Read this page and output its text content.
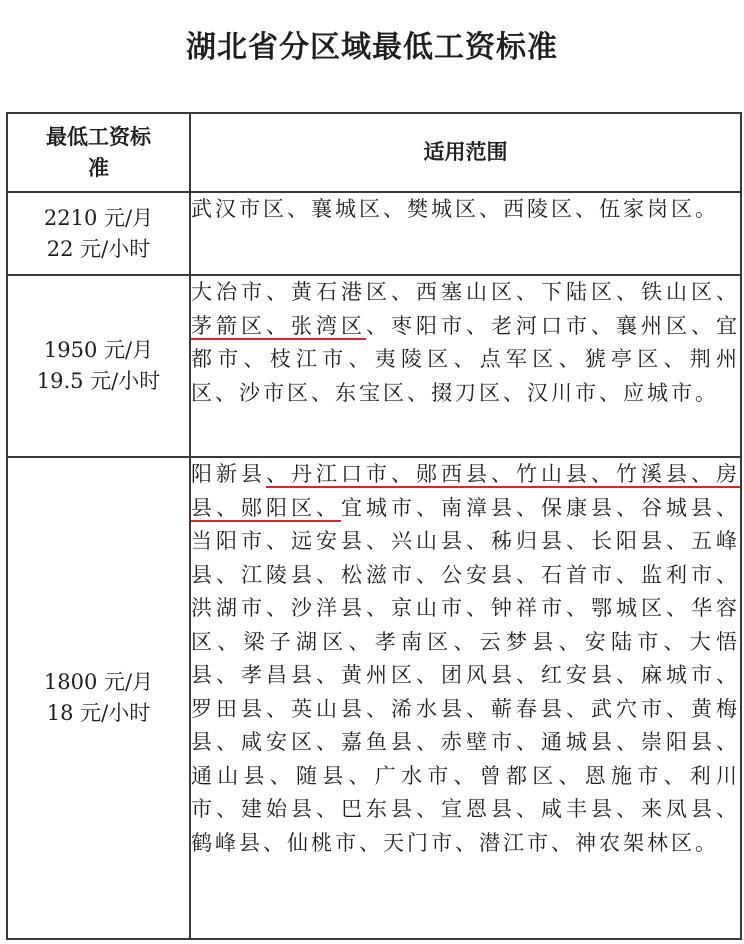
湖北省分区域最低工资标准
最低工资标准	适用范围

2210 元/月
22 元/小时	武汉市区、襄城区、樊城区、西陵区、伍家岗区。

1950 元/月
19.5 元/小时	大冶市、黄石港区、西塞山区、下陆区、铁山区、茅箭区、张湾区、枣阳市、老河口市、襄州区、宜都市、枝江市、夷陵区、点军区、猇亭区、荆州区、沙市区、东宝区、掇刀区、汉川市、应城市。

1800 元/月
18 元/小时	阳新县、丹江口市、郧西县、竹山县、竹溪县、房县、郧阳区、宜城市、南漳县、保康县、谷城县、当阳市、远安县、兴山县、秭归县、长阳县、五峰县、江陵县、松滋市、公安县、石首市、监利市、洪湖市、沙洋县、京山市、钟祥市、鄂城区、华容区、梁子湖区、孝南区、云梦县、安陆市、大悟县、孝昌县、黄州区、团风县、红安县、麻城市、罗田县、英山县、浠水县、蕲春县、武穴市、黄梅县、咸安区、嘉鱼县、赤壁市、通城县、崇阳县、通山县、随县、广水市、曾都区、恩施市、利川市、建始县、巴东县、宣恩县、咸丰县、来凤县、鹤峰县、仙桃市、天门市、潜江市、神农架林区。
